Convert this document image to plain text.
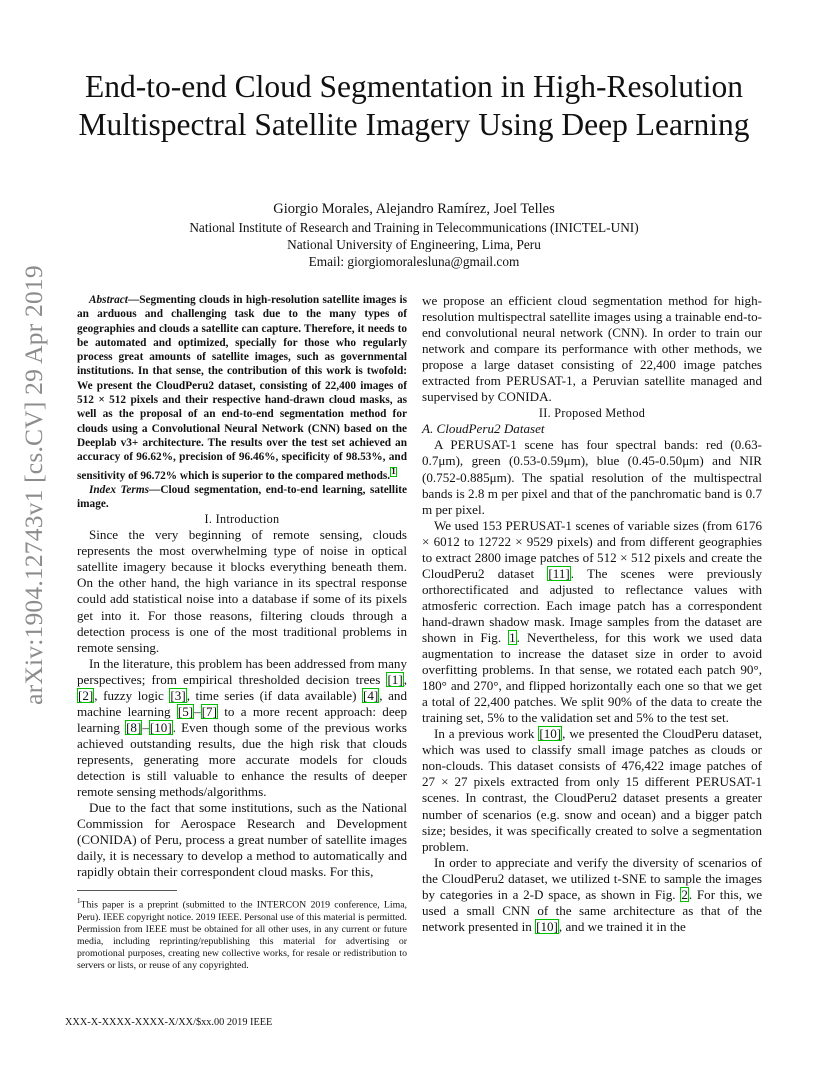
arXiv:1904.12743v1 [cs.CV] 29 Apr 2019
End-to-end Cloud Segmentation in High-Resolution Multispectral Satellite Imagery Using Deep Learning
Giorgio Morales, Alejandro Ramírez, Joel Telles
National Institute of Research and Training in Telecommunications (INICTEL-UNI)
National University of Engineering, Lima, Peru
Email: giorgiomoralesluna@gmail.com

Abstract—Segmenting clouds in high-resolution satellite images is an arduous and challenging task due to the many types of geographies and clouds a satellite can capture. Therefore, it needs to be automated and optimized, specially for those who regularly process great amounts of satellite images, such as governmental institutions. In that sense, the contribution of this work is twofold: We present the CloudPeru2 dataset, consisting of 22,400 images of 512 × 512 pixels and their respective hand-drawn cloud masks, as well as the proposal of an end-to-end segmentation method for clouds using a Convolutional Neural Network (CNN) based on the Deeplab v3+ architecture. The results over the test set achieved an accuracy of 96.62%, precision of 96.46%, specificity of 98.53%, and sensitivity of 96.72% which is superior to the compared methods.$^1$

Index Terms—Cloud segmentation, end-to-end learning, satellite image.

I. Introduction

Since the very beginning of remote sensing, clouds represents the most overwhelming type of noise in optical satellite imagery because it blocks everything beneath them. On the other hand, the high variance in its spectral response could add statistical noise into a database if some of its pixels get into it. For those reasons, filtering clouds through a detection process is one of the most traditional problems in remote sensing.

In the literature, this problem has been addressed from many perspectives; from empirical thresholded decision trees [1], [2], fuzzy logic [3], time series (if data available) [4], and machine learning [5]–[7] to a more recent approach: deep learning [8]–[10]. Even though some of the previous works achieved outstanding results, due the high risk that clouds represents, generating more accurate models for clouds detection is still valuable to enhance the results of deeper remote sensing methods/algorithms.

Due to the fact that some institutions, such as the National Commission for Aerospace Research and Development (CONIDA) of Peru, process a great number of satellite images daily, it is necessary to develop a method to automatically and rapidly obtain their correspondent cloud masks. For this,

$^1$This paper is a preprint (submitted to the INTERCON 2019 conference, Lima, Peru). IEEE copyright notice. 2019 IEEE. Personal use of this material is permitted. Permission from IEEE must be obtained for all other uses, in any current or future media, including reprinting/republishing this material for advertising or promotional purposes, creating new collective works, for resale or redistribution to servers or lists, or reuse of any copyrighted.

we propose an efficient cloud segmentation method for high-resolution multispectral satellite images using a trainable end-to-end convolutional neural network (CNN). In order to train our network and compare its performance with other methods, we propose a large dataset consisting of 22,400 image patches extracted from PERUSAT-1, a Peruvian satellite managed and supervised by CONIDA.

II. Proposed Method

A. CloudPeru2 Dataset

A PERUSAT-1 scene has four spectral bands: red (0.63-0.7μm), green (0.53-0.59μm), blue (0.45-0.50μm) and NIR (0.752-0.885μm). The spatial resolution of the multispectral bands is 2.8 m per pixel and that of the panchromatic band is 0.7 m per pixel.

We used 153 PERUSAT-1 scenes of variable sizes (from 6176 × 6012 to 12722 × 9529 pixels) and from different geographies to extract 2800 image patches of 512 × 512 pixels and create the CloudPeru2 dataset [11]. The scenes were previously orthorectificated and adjusted to reflectance values with atmosferic correction. Each image patch has a correspondent hand-drawn shadow mask. Image samples from the dataset are shown in Fig. 1. Nevertheless, for this work we used data augmentation to increase the dataset size in order to avoid overfitting problems. In that sense, we rotated each patch 90°, 180° and 270°, and flipped horizontally each one so that we get a total of 22,400 patches. We split 90% of the data to create the training set, 5% to the validation set and 5% to the test set.

In a previous work [10], we presented the CloudPeru dataset, which was used to classify small image patches as clouds or non-clouds. This dataset consists of 476,422 image patches of 27 × 27 pixels extracted from only 15 different PERUSAT-1 scenes. In contrast, the CloudPeru2 dataset presents a greater number of scenarios (e.g. snow and ocean) and a bigger patch size; besides, it was specifically created to solve a segmentation problem.

In order to appreciate and verify the diversity of scenarios of the CloudPeru2 dataset, we utilized t-SNE to sample the images by categories in a 2-D space, as shown in Fig. 2. For this, we used a small CNN of the same architecture as that of the network presented in [10], and we trained it in the

XXX-X-XXXX-XXXX-X/XX/$xx.00 2019 IEEE
